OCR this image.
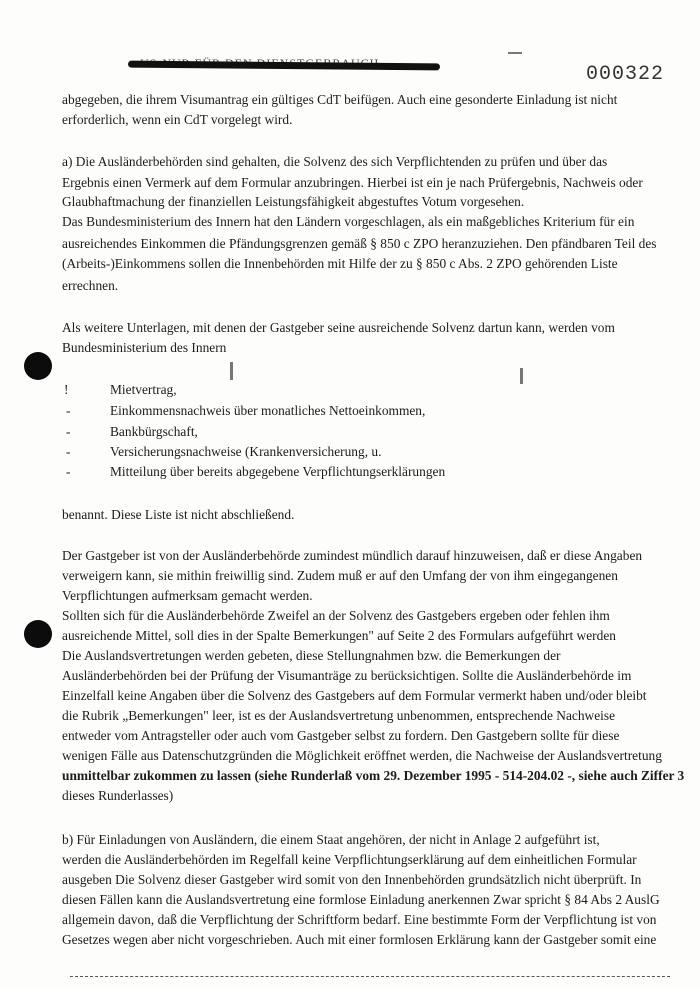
000322
abgegeben, die ihrem Visumantrag ein gültiges CdT beifügen. Auch eine gesonderte Einladung ist nicht
erforderlich, wenn ein CdT vorgelegt wird.
a) Die Ausländerbehörden sind gehalten, die Solvenz des sich Verpflichtenden zu prüfen und über das
Ergebnis einen Vermerk auf dem Formular anzubringen. Hierbei ist ein je nach Prüfergebnis, Nachweis oder
Glaubhaftmachung der finanziellen Leistungsfähigkeit abgestuftes Votum vorgesehen.
Das Bundesministerium des Innern hat den Ländern vorgeschlagen, als ein maßgebliches Kriterium für ein
ausreichendes Einkommen die Pfändungsgrenzen gemäß § 850 c ZPO heranzuziehen. Den pfändbaren Teil des
(Arbeits-)Einkommens sollen die Innenbehörden mit Hilfe der zu § 850 c Abs. 2 ZPO gehörenden Liste
errechnen.
Als weitere Unterlagen, mit denen der Gastgeber seine ausreichende Solvenz dartun kann, werden vom
Bundesministerium des Innern
!	Mietvertrag,
-	Einkommensnachweis über monatliches Nettoeinkommen,
-	Bankbürgschaft,
-	Versicherungsnachweise (Krankenversicherung, u.
-	Mitteilung über bereits abgegebene Verpflichtungserklärungen
benannt. Diese Liste ist nicht abschließend.
Der Gastgeber ist von der Ausländerbehörde zumindest mündlich darauf hinzuweisen, daß er diese Angaben
verweigern kann, sie mithin freiwillig sind. Zudem muß er auf den Umfang der von ihm eingegangenen
Verpflichtungen aufmerksam gemacht werden.
Sollten sich für die Ausländerbehörde Zweifel an der Solvenz des Gastgebers ergeben oder fehlen ihm
ausreichende Mittel, soll dies in der Spalte Bemerkungen" auf Seite 2 des Formulars aufgeführt werden
Die Auslandsvertretungen werden gebeten, diese Stellungnahmen bzw. die Bemerkungen der
Ausländerbehörden bei der Prüfung der Visumanträge zu berücksichtigen. Sollte die Ausländerbehörde im
Einzelfall keine Angaben über die Solvenz des Gastgebers auf dem Formular vermerkt haben und/oder bleibt
die Rubrik „Bemerkungen" leer, ist es der Auslandsvertretung unbenommen, entsprechende Nachweise
entweder vom Antragsteller oder auch vom Gastgeber selbst zu fordern. Den Gastgebern sollte für diese
wenigen Fälle aus Datenschutzgründen die Möglichkeit eröffnet werden, die Nachweise der Auslandsvertretung
unmittelbar zukommen zu lassen (siehe Runderlaß vom 29. Dezember 1995 - 514-204.02 -, siehe auch Ziffer 3
dieses Runderlasses)
b) Für Einladungen von Ausländern, die einem Staat angehören, der nicht in Anlage 2 aufgeführt ist,
werden die Ausländerbehörden im Regelfall keine Verpflichtungserklärung auf dem einheitlichen Formular
ausgeben Die Solvenz dieser Gastgeber wird somit von den Innenbehörden grundsätzlich nicht überprüft. In
diesen Fällen kann die Auslandsvertretung eine formlose Einladung anerkennen Zwar spricht § 84 Abs 2 AuslG
allgemein davon, daß die Verpflichtung der Schriftform bedarf. Eine bestimmte Form der Verpflichtung ist von
Gesetzes wegen aber nicht vorgeschrieben. Auch mit einer formlosen Erklärung kann der Gastgeber somit eine
